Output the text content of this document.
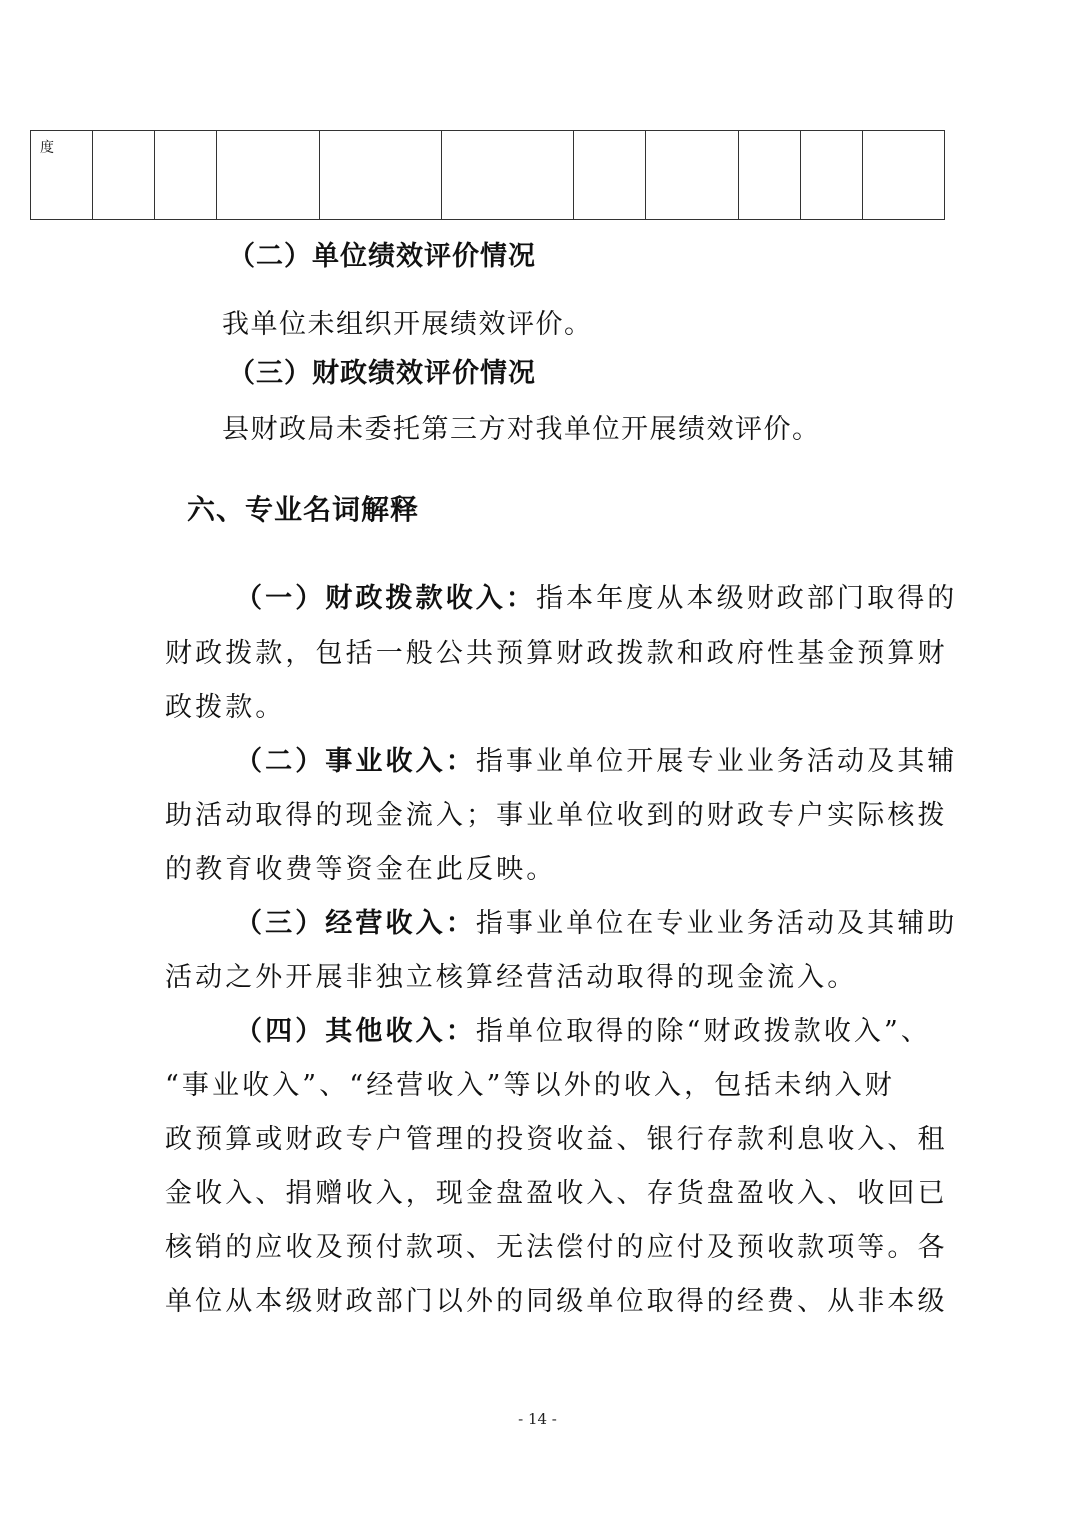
度

（二）单位绩效评价情况
我单位未组织开展绩效评价。
（三）财政绩效评价情况
县财政局未委托第三方对我单位开展绩效评价。
六、专业名词解释
（一）财政拨款收入：指本年度从本级财政部门取得的
财政拨款，包括一般公共预算财政拨款和政府性基金预算财
政拨款。
（二）事业收入：指事业单位开展专业业务活动及其辅
助活动取得的现金流入；事业单位收到的财政专户实际核拨
的教育收费等资金在此反映。
（三）经营收入：指事业单位在专业业务活动及其辅助
活动之外开展非独立核算经营活动取得的现金流入。
（四）其他收入：指单位取得的除“财政拨款收入”、
“事业收入”、“经营收入”等以外的收入，包括未纳入财
政预算或财政专户管理的投资收益、银行存款利息收入、租
金收入、捐赠收入，现金盘盈收入、存货盘盈收入、收回已
核销的应收及预付款项、无法偿付的应付及预收款项等。各
单位从本级财政部门以外的同级单位取得的经费、从非本级
- 14 -
